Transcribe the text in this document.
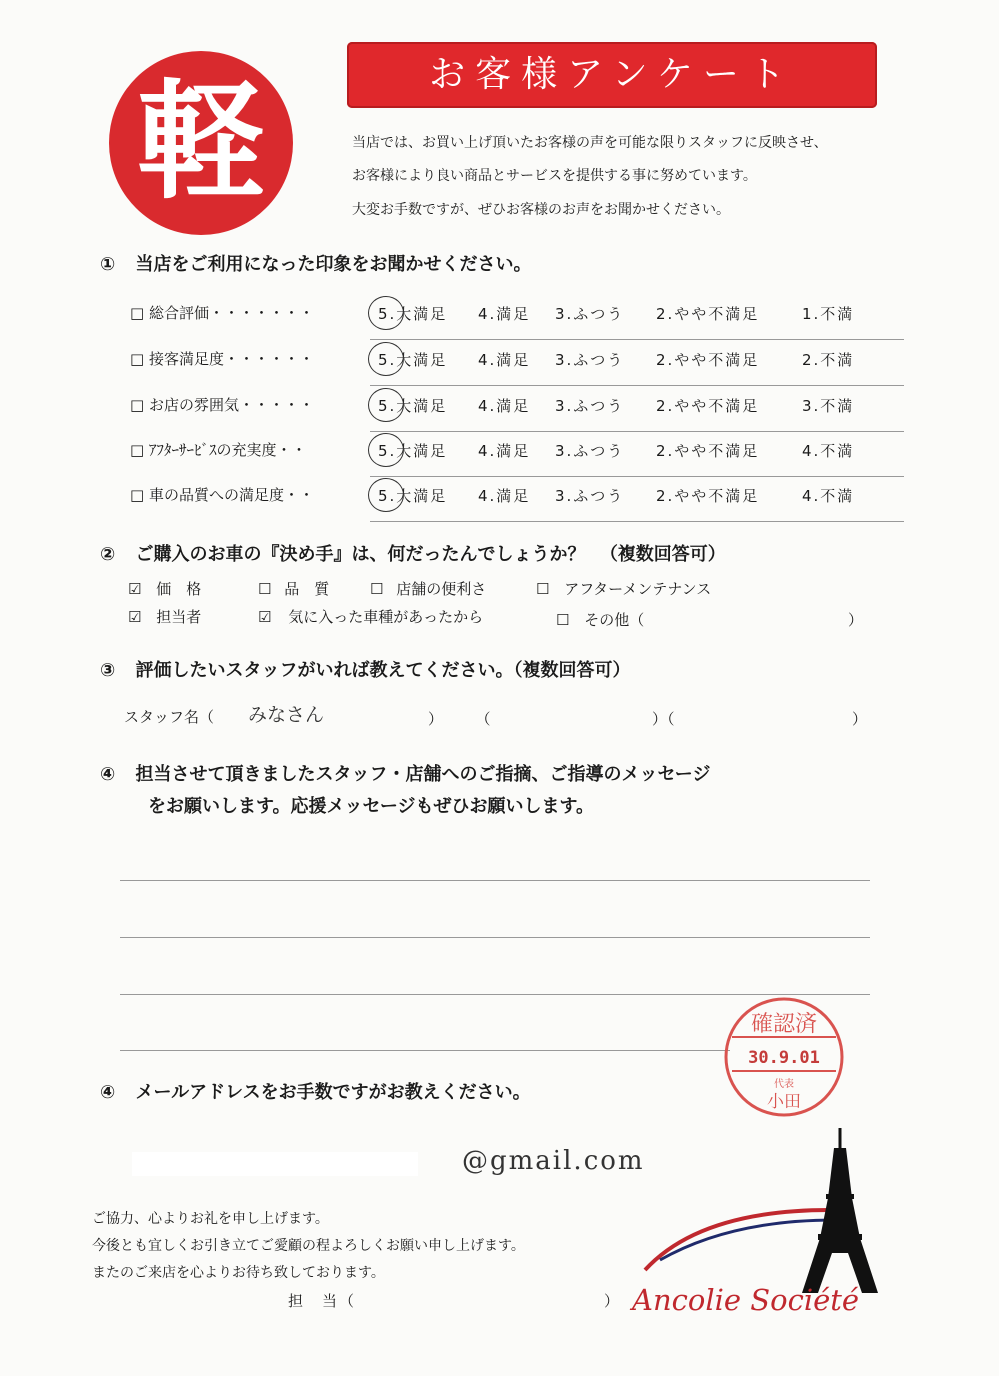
軽	お客様アンケート
当店では、お買い上げ頂いたお客様の声を可能な限りスタッフに反映させ、
お客様により良い商品とサービスを提供する事に努めています。
大変お手数ですが、ぜひお客様のお声をお聞かせください。
① 当店をご利用になった印象をお聞かせください。
□ 総合評価・・・・・・・	5.大満足 4.満足 3.ふつう 2.やや不満足	1.不満
□ 接客満足度・・・・・・	5.大満足 4.満足 3.ふつう 2.やや不満足	2.不満
□ お店の雰囲気・・・・・	5.大満足 4.満足 3.ふつう 2.やや不満足	3.不満
□ ｱﾌﾀｰｻｰﾋﾞｽの充実度・・	5.大満足 4.満足 3.ふつう 2.やや不満足	4.不満
□ 車の品質への満足度・・	5.大満足 4.満足 3.ふつう 2.やや不満足	4.不満
② ご購入のお車の『決め手』は、何だったんでしょうか？ （複数回答可）
☑ 価　格	☐ 品　質	☐ 店舗の便利さ	☐ アフターメンテナンス
☑ 担当者	☑ 気に入った車種があったから	☐ その他（	）
③ 評価したいスタッフがいれば教えてください。（複数回答可）
スタッフ名（ みなさん	）（	）（	）
④ 担当させて頂きましたスタッフ・店舗へのご指摘、ご指導のメッセージ
をお願いします。応援メッセージもぜひお願いします。
④ メールアドレスをお手数ですがお教えください。
@gmail.com
ご協力、心よりお礼を申し上げます。
今後とも宜しくお引き立てご愛顧の程よろしくお願い申し上げます。
またのご来店を心よりお待ち致しております。
担　当（	）
確認済
30.9.01
代表
小田
Ancolie Société
